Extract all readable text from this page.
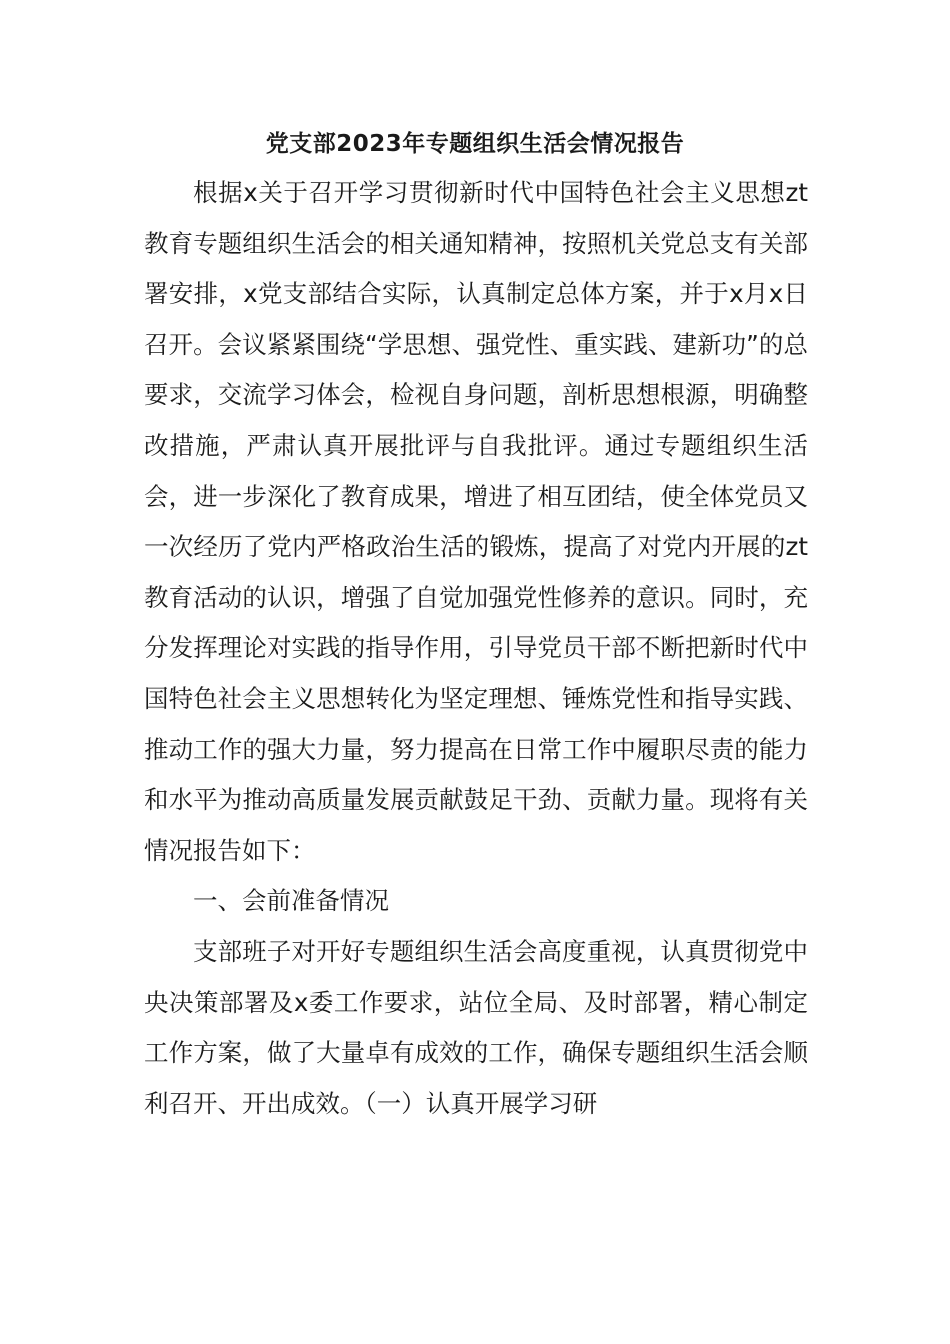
党支部2023年专题组织生活会情况报告

根据x关于召开学习贯彻新时代中国特色社会主义思想zt教育专题组织生活会的相关通知精神，按照机关党总支有关部署安排，x党支部结合实际，认真制定总体方案，并于x月x日召开。会议紧紧围绕“学思想、强党性、重实践、建新功”的总要求，交流学习体会，检视自身问题，剖析思想根源，明确整改措施，严肃认真开展批评与自我批评。通过专题组织生活会，进一步深化了教育成果，增进了相互团结，使全体党员又一次经历了党内严格政治生活的锻炼，提高了对党内开展的zt教育活动的认识，增强了自觉加强党性修养的意识。同时，充分发挥理论对实践的指导作用，引导党员干部不断把新时代中国特色社会主义思想转化为坚定理想、锤炼党性和指导实践、推动工作的强大力量，努力提高在日常工作中履职尽责的能力和水平为推动高质量发展贡献鼓足干劲、贡献力量。现将有关情况报告如下：

一、会前准备情况

支部班子对开好专题组织生活会高度重视，认真贯彻党中央决策部署及x委工作要求，站位全局、及时部署，精心制定工作方案，做了大量卓有成效的工作，确保专题组织生活会顺利召开、开出成效。（一）认真开展学习研
